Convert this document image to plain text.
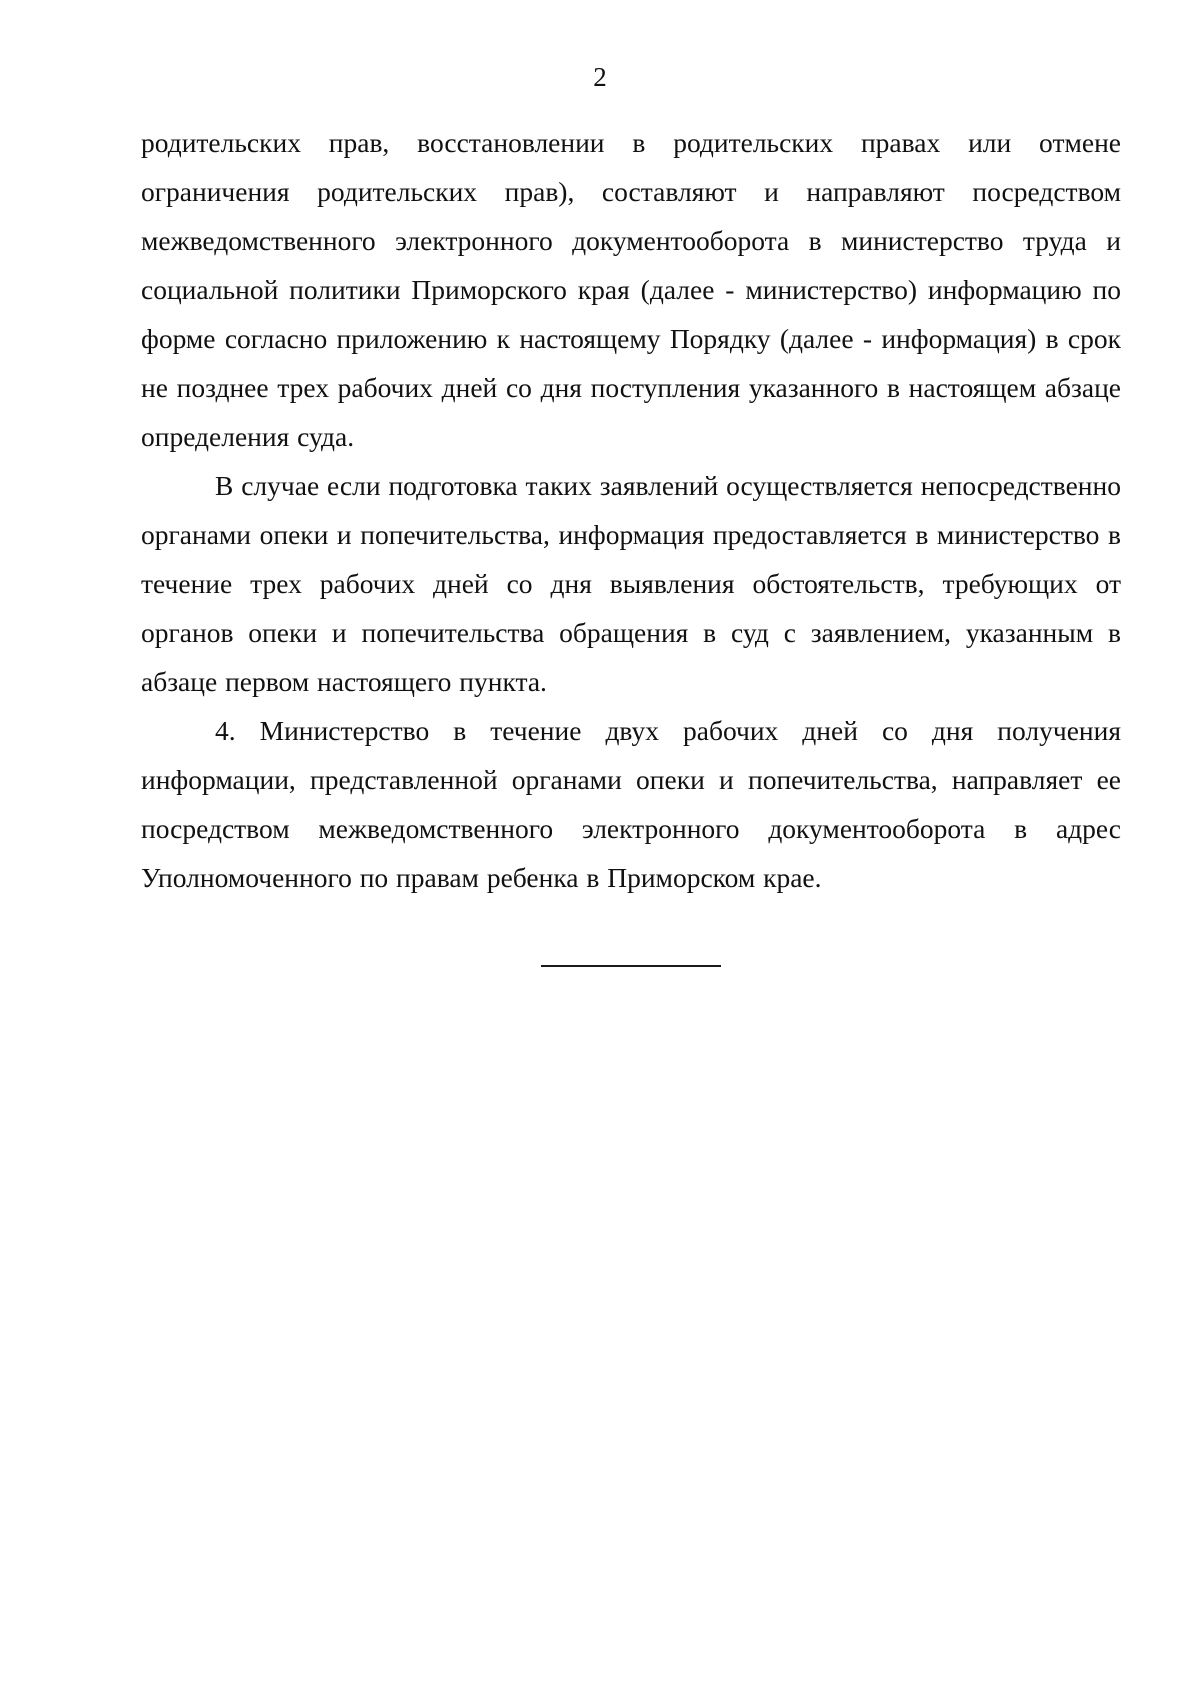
2

родительских прав, восстановлении в родительских правах или отмене ограничения родительских прав), составляют и направляют посредством межведомственного электронного документооборота в министерство труда и социальной политики Приморского края (далее - министерство) информацию по форме согласно приложению к настоящему Порядку (далее - информация) в срок не позднее трех рабочих дней со дня поступления указанного в настоящем абзаце определения суда.

В случае если подготовка таких заявлений осуществляется непосредственно органами опеки и попечительства, информация предоставляется в министерство в течение трех рабочих дней со дня выявления обстоятельств, требующих от органов опеки и попечительства обращения в суд с заявлением, указанным в абзаце первом настоящего пункта.

4. Министерство в течение двух рабочих дней со дня получения информации, представленной органами опеки и попечительства, направляет ее посредством межведомственного электронного документооборота в адрес Уполномоченного по правам ребенка в Приморском крае.
